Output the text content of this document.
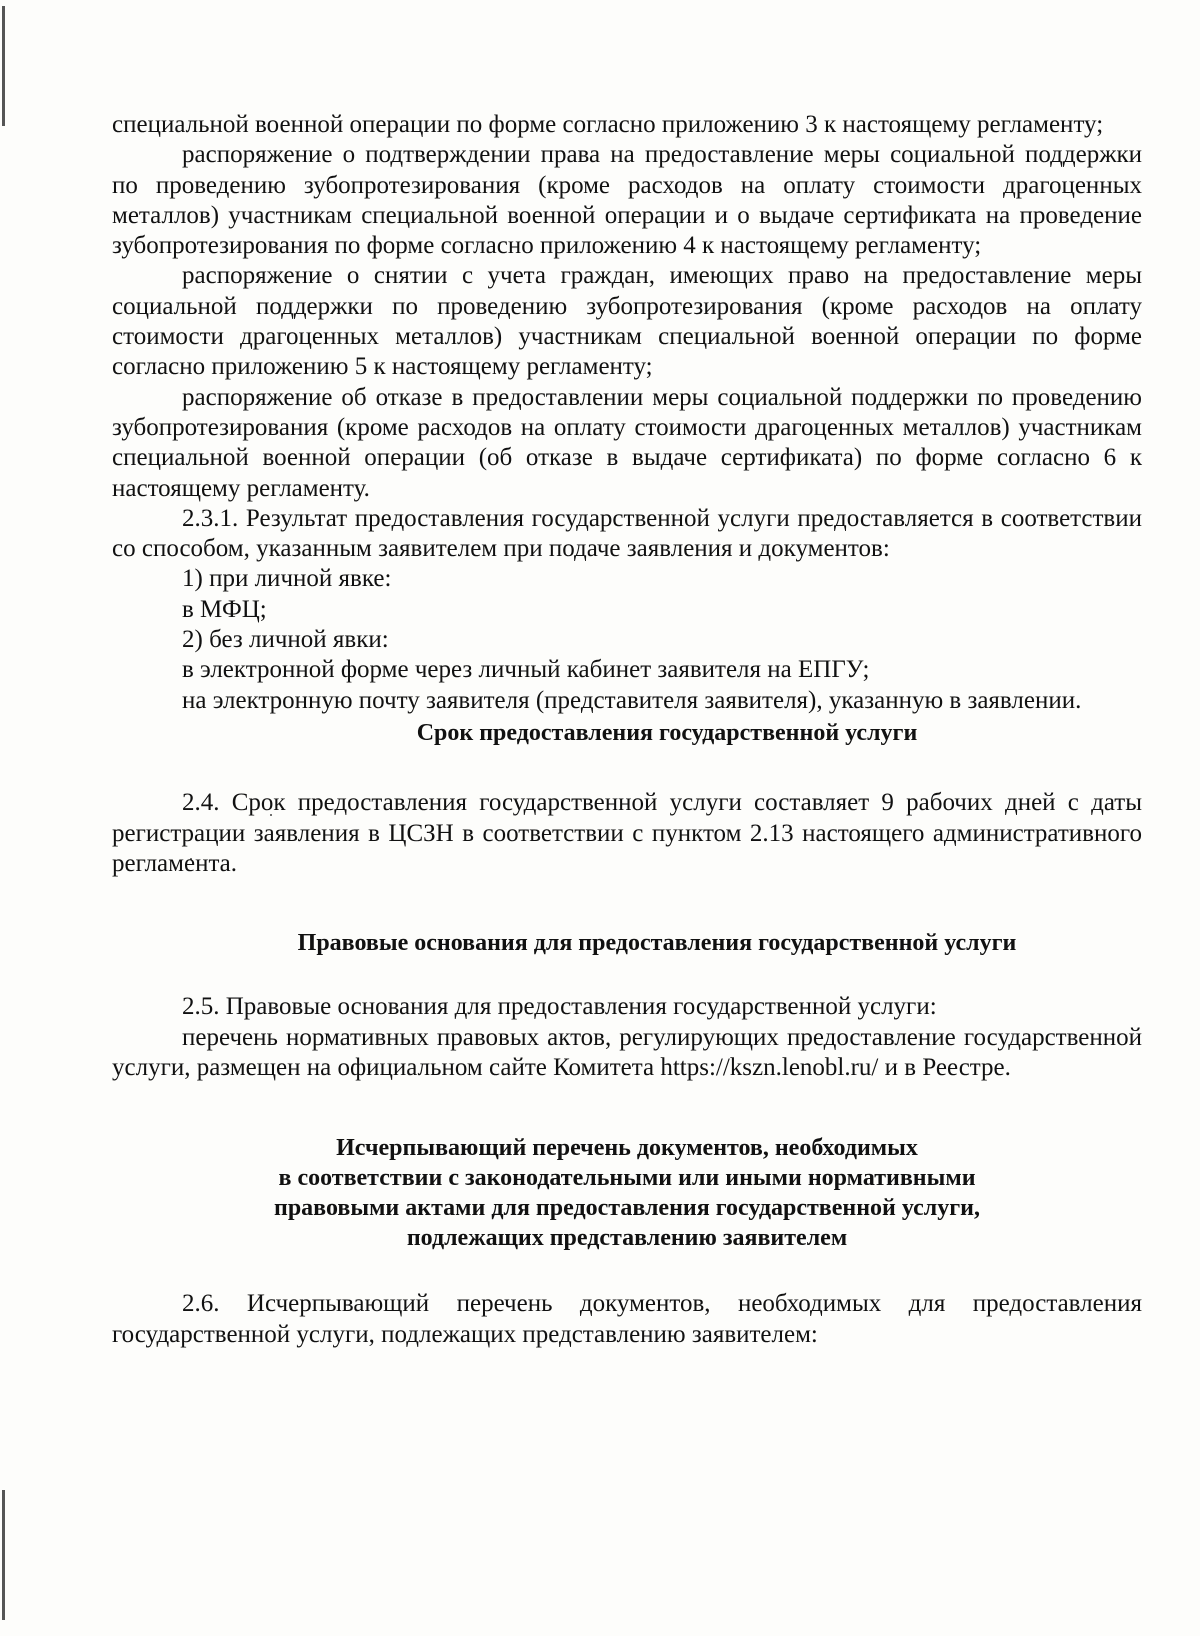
специальной военной операции по форме согласно приложению 3 к настоящему регламенту;

распоряжение о подтверждении права на предоставление меры социальной поддержки по проведению зубопротезирования (кроме расходов на оплату стоимости драгоценных металлов) участникам специальной военной операции и о выдаче сертификата на проведение зубопротезирования по форме согласно приложению 4 к настоящему регламенту;

распоряжение о снятии с учета граждан, имеющих право на предоставление меры социальной поддержки по проведению зубопротезирования (кроме расходов на оплату стоимости драгоценных металлов) участникам специальной военной операции по форме согласно приложению 5 к настоящему регламенту;

распоряжение об отказе в предоставлении меры социальной поддержки по проведению зубопротезирования (кроме расходов на оплату стоимости драгоценных металлов) участникам специальной военной операции (об отказе в выдаче сертификата) по форме согласно 6 к настоящему регламенту.

2.3.1. Результат предоставления государственной услуги предоставляется в соответствии со способом, указанным заявителем при подаче заявления и документов:

1) при личной явке:

в МФЦ;

2) без личной явки:

в электронной форме через личный кабинет заявителя на ЕПГУ;

на электронную почту заявителя (представителя заявителя), указанную в заявлении.

Срок предоставления государственной услуги

2.4. Срок предоставления государственной услуги составляет 9 рабочих дней с даты регистрации заявления в ЦСЗН в соответствии с пунктом 2.13 настоящего административного регламента.

Правовые основания для предоставления государственной услуги

2.5. Правовые основания для предоставления государственной услуги:

перечень нормативных правовых актов, регулирующих предоставление государственной услуги, размещен на официальном сайте Комитета https://kszn.lenobl.ru/ и в Реестре.

Исчерпывающий перечень документов, необходимых
в соответствии с законодательными или иными нормативными
правовыми актами для предоставления государственной услуги,
подлежащих представлению заявителем

2.6. Исчерпывающий перечень документов, необходимых для предоставления государственной услуги, подлежащих представлению заявителем:
